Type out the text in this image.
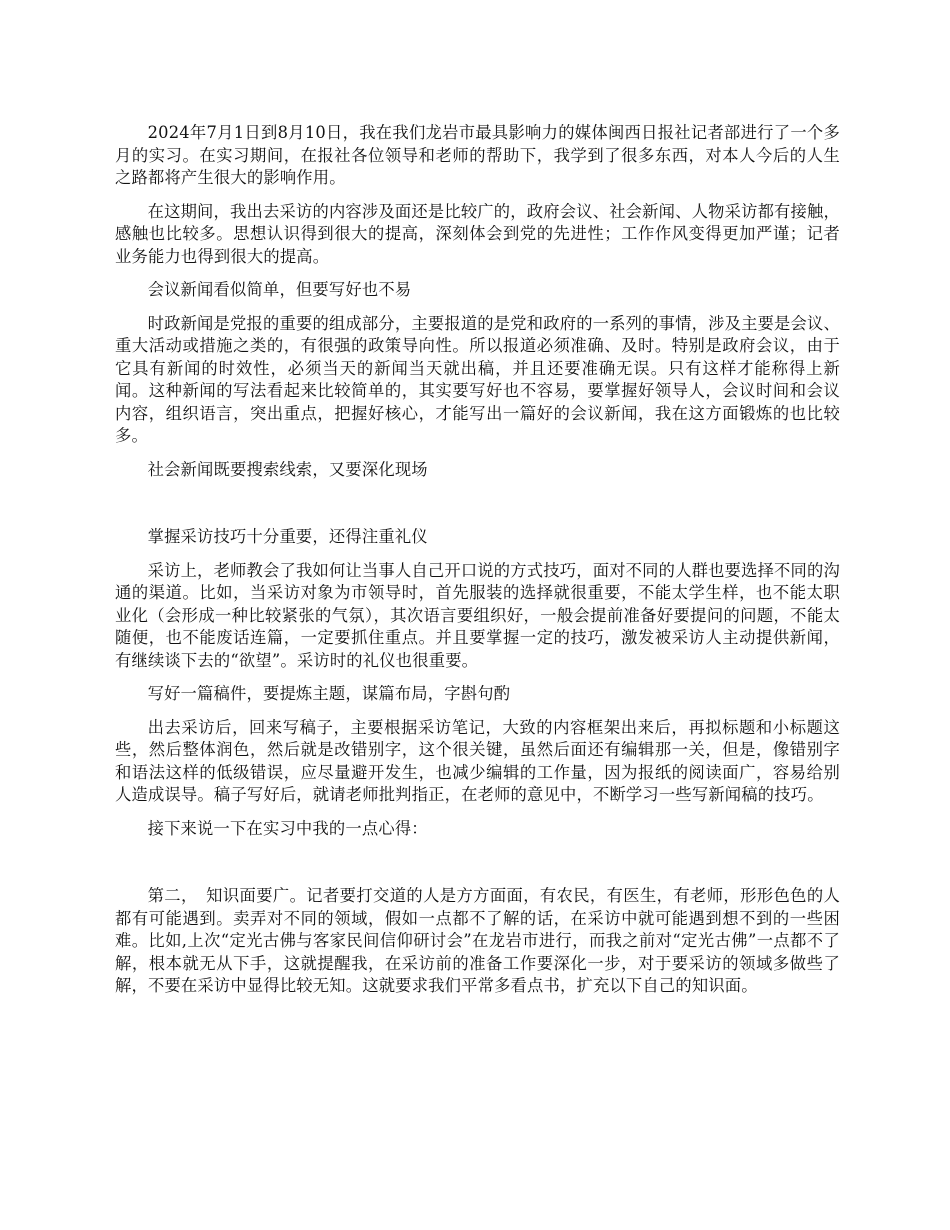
2024年7月1日到8月10日，我在我们龙岩市最具影响力的媒体闽西日报社记者部进行了一个多月的实习。在实习期间，在报社各位领导和老师的帮助下，我学到了很多东西，对本人今后的人生之路都将产生很大的影响作用。

在这期间，我出去采访的内容涉及面还是比较广的，政府会议、社会新闻、人物采访都有接触，感触也比较多。思想认识得到很大的提高，深刻体会到党的先进性；工作作风变得更加严谨；记者业务能力也得到很大的提高。

会议新闻看似简单，但要写好也不易

时政新闻是党报的重要的组成部分，主要报道的是党和政府的一系列的事情，涉及主要是会议、重大活动或措施之类的，有很强的政策导向性。所以报道必须准确、及时。特别是政府会议，由于它具有新闻的时效性，必须当天的新闻当天就出稿，并且还要准确无误。只有这样才能称得上新闻。这种新闻的写法看起来比较简单的，其实要写好也不容易，要掌握好领导人，会议时间和会议内容，组织语言，突出重点，把握好核心，才能写出一篇好的会议新闻，我在这方面锻炼的也比较多。

社会新闻既要搜索线索，又要深化现场

掌握采访技巧十分重要，还得注重礼仪

采访上，老师教会了我如何让当事人自己开口说的方式技巧，面对不同的人群也要选择不同的沟通的渠道。比如，当采访对象为市领导时，首先服装的选择就很重要，不能太学生样，也不能太职业化（会形成一种比较紧张的气氛），其次语言要组织好，一般会提前准备好要提问的问题，不能太随便，也不能废话连篇，一定要抓住重点。并且要掌握一定的技巧，激发被采访人主动提供新闻，有继续谈下去的“欲望”。采访时的礼仪也很重要。

写好一篇稿件，要提炼主题，谋篇布局，字斟句酌

出去采访后，回来写稿子，主要根据采访笔记，大致的内容框架出来后，再拟标题和小标题这些，然后整体润色，然后就是改错别字，这个很关键，虽然后面还有编辑那一关，但是，像错别字和语法这样的低级错误，应尽量避开发生，也减少编辑的工作量，因为报纸的阅读面广，容易给别人造成误导。稿子写好后，就请老师批判指正，在老师的意见中，不断学习一些写新闻稿的技巧。

接下来说一下在实习中我的一点心得：

第二，　知识面要广。记者要打交道的人是方方面面，有农民，有医生，有老师，形形色色的人都有可能遇到。卖弄对不同的领域，假如一点都不了解的话，在采访中就可能遇到想不到的一些困难。比如,上次“定光古佛与客家民间信仰研讨会”在龙岩市进行，而我之前对“定光古佛”一点都不了解，根本就无从下手，这就提醒我，在采访前的准备工作要深化一步，对于要采访的领域多做些了解，不要在采访中显得比较无知。这就要求我们平常多看点书，扩充以下自己的知识面。
